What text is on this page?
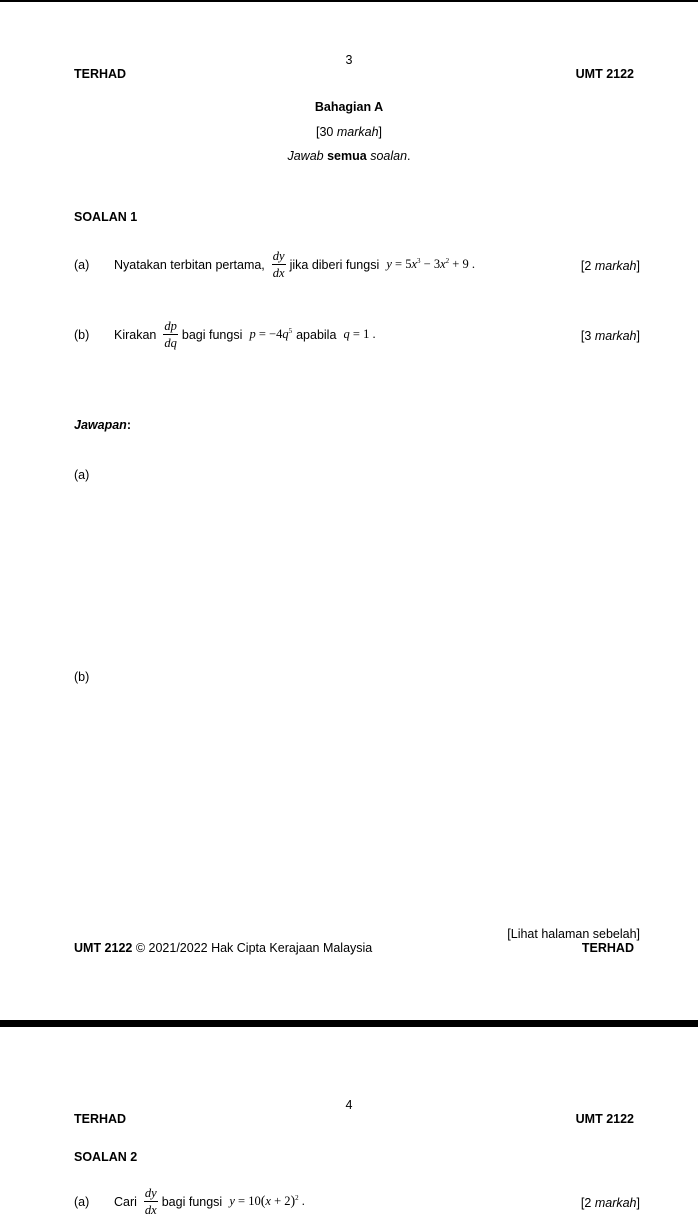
3
TERHAD	UMT 2122
Bahagian A
[30 markah]
Jawab semua soalan.
SOALAN 1
(a)	Nyatakan terbitan pertama, $\frac{dy}{dx}$ jika diberi fungsi $y = 5x^3 - 3x^2 + 9$ .	[2 markah]
(b)	Kirakan $\frac{dp}{dq}$ bagi fungsi $p = -4q^5$ apabila q = 1 .	[3 markah]
Jawapan:
(a)
(b)
[Lihat halaman sebelah]
UMT 2122 © 2021/2022 Hak Cipta Kerajaan Malaysia	TERHAD
4
TERHAD	UMT 2122
SOALAN 2
(a)	Cari $\frac{dy}{dx}$ bagi fungsi $y = 10(x + 2)^2$ .	[2 markah]
